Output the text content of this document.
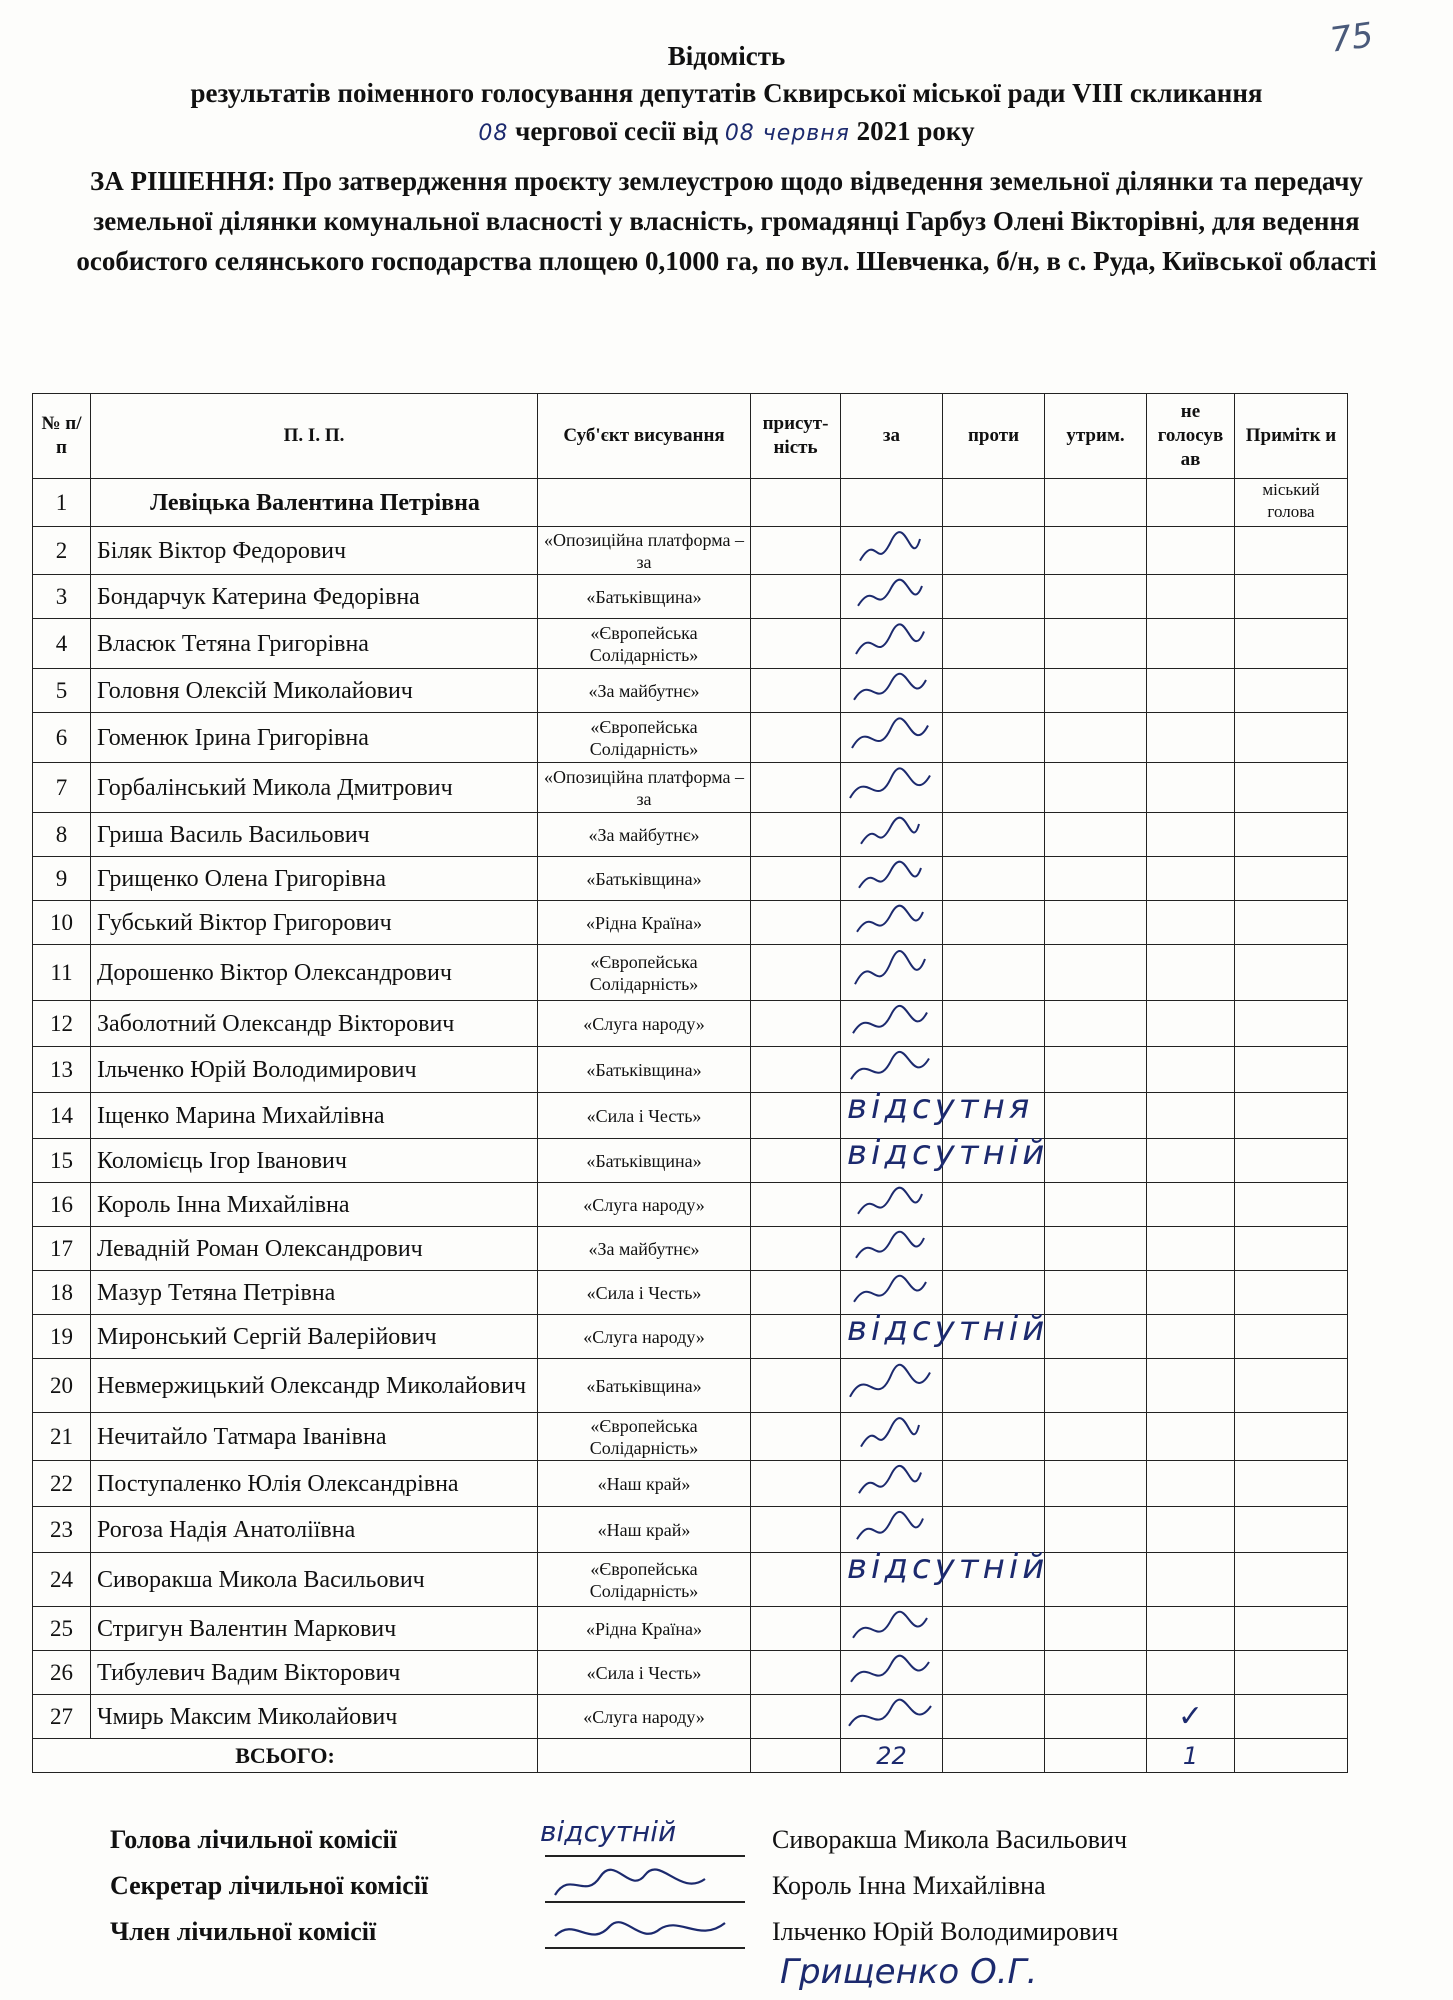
75
Відомість
результатів поіменного голосування депутатів Сквирської міської ради VIII скликання
08 чергової сесії від 08 червня 2021 року
ЗА РІШЕННЯ: Про затвердження проєкту землеустрою щодо відведення земельної ділянки та передачу земельної ділянки комунальної власності у власність, громадянці Гарбуз Олені Вікторівні, для ведення особистого селянського господарства площею 0,1000 га, по вул. Шевченка, б/н, в с. Руда, Київської області
№ п/п	П. І. П.	Суб'єкт висування	присут-ність	за	проти	утрим.	не голосув ав	Примітк и
1	Левіцька Валентина Петрівна							міський голова
2	Біляк Віктор Федорович	«Опозиційна платформа – за		

3	Бондарчук Катерина Федорівна	«Батьківщина»		

4	Власюк Тетяна Григорівна	«Європейська Солідарність»		

5	Головня Олексій Миколайович	«За майбутнє»		

6	Гоменюк Ірина Григорівна	«Європейська Солідарність»		

7	Горбалінський Микола Дмитрович	«Опозиційна платформа – за		

8	Гриша Василь Васильович	«За майбутнє»		

9	Грищенко Олена Григорівна	«Батьківщина»		

10	Губський Віктор Григорович	«Рідна Країна»		

11	Дорошенко Віктор Олександрович	«Європейська Солідарність»		

12	Заболотний Олександр Вікторович	«Слуга народу»		

13	Ільченко Юрій Володимирович	«Батьківщина»		

14	Іщенко Марина Михайлівна	«Сила і Честь»		відсутня				

15	Коломієць Ігор Іванович	«Батьківщина»		відсутній				

16	Король Інна Михайлівна	«Слуга народу»		

17	Левадній Роман Олександрович	«За майбутнє»		

18	Мазур Тетяна Петрівна	«Сила і Честь»		

19	Миронський Сергій Валерійович	«Слуга народу»		відсутній				

20	Невмержицький Олександр Миколайович	«Батьківщина»		

21	Нечитайло Татмара Іванівна	«Європейська Солідарність»		

22	Поступаленко Юлія Олександрівна	«Наш край»		

23	Рогоза Надія Анатоліївна	«Наш край»		

24	Сиворакша Микола Васильович	«Європейська Солідарність»		відсутній				

25	Стригун Валентин Маркович	«Рідна Країна»		

26	Тибулевич Вадим Вікторович	«Сила і Честь»		

27	Чмирь Максим Миколайович	«Слуга народу»					✓	
ВСЬОГО:				22			1	
Голова лічильної комісії	відсутній	Сиворакша Микола Васильович
Секретар лічильної комісії	Король Інна Михайлівна
Член лічильної комісії	Ільченко Юрій Володимирович
Грищенко О.Г.
